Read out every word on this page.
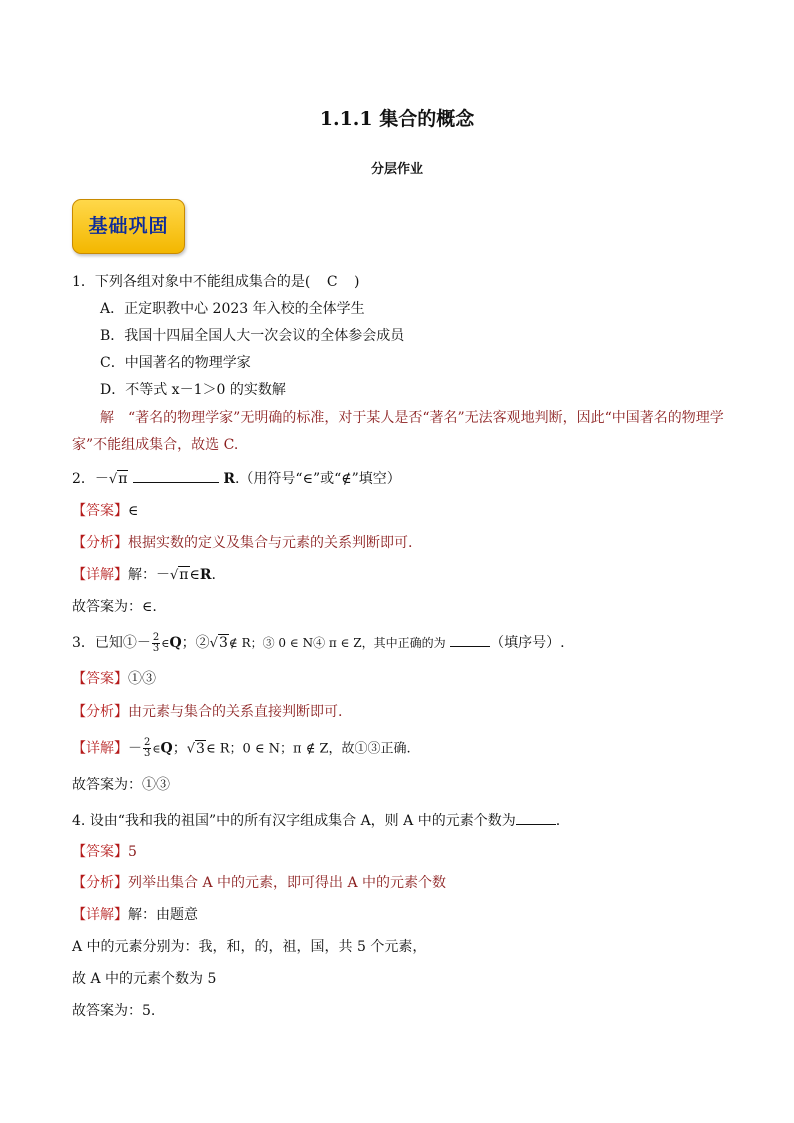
1.1.1 集合的概念
分层作业
基础巩固
1．下列各组对象中不能组成集合的是( C )
A．正定职教中心 2023 年入校的全体学生
B．我国十四届全国人大一次会议的全体参会成员
C．中国著名的物理学家
D．不等式 x－1＞0 的实数解
解　“著名的物理学家”无明确的标准，对于某人是否“著名”无法客观地判断，因此“中国著名的物理学
家”不能组成集合，故选 C.
2．－√π	R.（用符号“∈”或“∉”填空）
【答案】∈
【分析】根据实数的定义及集合与元素的关系判断即可.
【详解】解：－√π∈R.
故答案为：∈.
3．已知①－ $\frac{2}{3}$ ∈Q；②√3∉ R；③ 0 ∈ N④ π ∈ Z，其中正确的为	（填序号）.
【答案】①③
【分析】由元素与集合的关系直接判断即可.
【详解】－ $\frac{2}{3}$ ∈Q；√3∈ R；0 ∈ N；π ∉ Z，故①③正确.
故答案为：①③
4. 设由“我和我的祖国”中的所有汉字组成集合 A，则 A 中的元素个数为	.
【答案】5
【分析】列举出集合 A 中的元素，即可得出 A 中的元素个数
【详解】解：由题意
A 中的元素分别为：我，和，的，祖，国，共 5 个元素，
故 A 中的元素个数为 5
故答案为：5.
